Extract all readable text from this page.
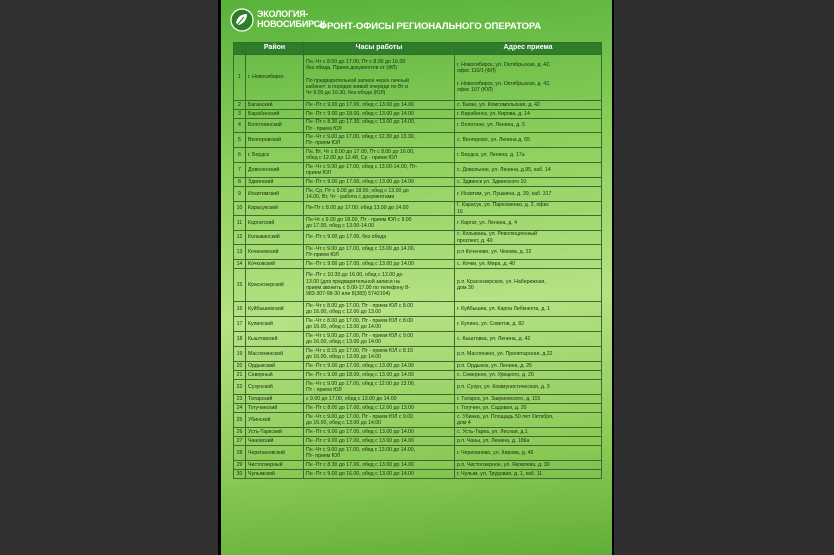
ЭКОЛОГИЯ-
НОВОСИБИРСК
ФРОНТ-ОФИСЫ РЕГИОНАЛЬНОГО ОПЕРАТОРА
	Район	Часы работы	Адрес приема

1	г. Новосибирск	Пн.-Чт с 8.00 до 17.00, Пт с 8.00 до 16.00
без обеда. Прием документов от (ФЛ)

По предварительной записи через личный
кабинет: в порядке живой очереди по Вт и
Чт 9.00 до 16.30, без обеда (ЮЛ)	г. Новосибирск, ул. Октябрьская, д. 42,
офис 110/1 (ФЛ)

г. Новосибирск, ул. Октябрьская, д. 42,
офис 107 (ЮЛ)

2	Баганский	Пн -Пт с 9.00 до 17.00, обед с 13.00 до 14.00	с. Баган, ул. Комсомольская, д. 42

3	Барабинский	Пн -Пт с 9.00 до 18.00, обед с 13.00 до 14.00	г. Барабинск, ул. Кирова, д. 14

4	Болотнинский	Пн -Пт с 8.30 до 17.30, обед с 13.00 до 14.00,
Пт - прием ЮЛ	г. Болотное, ул. Ленина, д. 5

5	Венгеровский	Пн -Чт с 9.00 до 17.00, обед с 12.30 до 13.30,
Пт- прием ЮЛ	с. Венгерово, ул. Ленина д. 65

6	г. Бердск	Пн, Вт, Чт с 8.00 до 17.00, Пт с 8.00 до 16.00,
обед с 12.00 до 12.48, Ср - прием ЮЛ	г. Бердск, ул. Ленина, д. 17а

7	Доволенский	Пн -Чт с 9.00 до 17.00, обед с 13.00-14.00, Пт-
прием ЮЛ	с. Довольное, ул. Ленина, д.95, каб. 14

8	Здвинский	Пн -Пт с 9.00 до 17.00, обед с 13.00 до 14.00	с. Здвинск ул. Здвинского 10

9	Искитимский	Пн, Ср, Пт с 9.00 до 18.00, обед с 13.00 до
14.00, Вт, Чт - работа с документами	г. Искитим, ул. Пушкина, д. 39, каб. 317

10	Карасукский	Пн-Пт с 8.00 до 17.00, обед 13.00 до 14.00	Г. Карасук, ул. Пархоменко, д. 2, офис
16

11	Каргатский	Пн-Чт с 9.00 до 18.00, Пт - прием ЮЛ с 9.00
до 17.00, обед с 13.00-14.00	г. Каргат, ул. Ленина, д. 4

12	Колыванский	Пн -Пт с 9.00 до 17.00, без обеда	с. Колывань, ул. Революционный
проспект, д. 40

13	Коченевский	Пн -Чт с 9.00 до 17.00, обед с 13.00 до 14.00,
Пт-прием ЮЛ	р.п Коченево, ул. Чехова, д. 22

14	Кочковский	Пн -Пт с 9.00 до 17.00, обед с 13.00 до 14.00	с. Кочки, ул. Мира, д. 40

15	Краснозерский	Пн -Пт с 10.30 до 16.00, обед с 12.00 до
13.00 (для предварительной записи на
прием звонить с 9.00-17.00 по телефону 8-
983-307-98-30 или 8(383) 5742104)	р.п. Краснозерское, ул. Набережная,
дом 30

16	Куйбышевский	Пн -Чт с 8.00 до 17.00, Пт - прием ЮЛ с 8.00
до 16.00, обед с 12.00 до 13.00	г. Куйбышев, ул. Карла Либкнехта, д. 1

17	Купинский	Пн -Чт с 8.00 до 17.00, Пт - прием ЮЛ с 8.00
до 16.00, обед с 13.00 до 14.00	г. Купино, ул. Советов, д. 82

18	Кыштовский	Пн -Чт с 9.00 до 17.00, Пт - прием ЮЛ с 9.00
до 16.00, обед с 13.00 до 14.00	с. Кыштовка, ул. Ленина, д. 42

19	Маслянинский	Пн -Чт с 8.15 до 17.00, Пт - прием ЮЛ с 8.15
до 16.00, обед с 13.00 до 14.00	р.п. Маслянино, ул. Пролетарская, д.22

20	Ордынский	Пн -Пт с 9.00 до 17.00, обед с 13.00 до 14.00	р.п. Ордынск, ул. Ленина, д. 26

21	Северный	Пн -Пт с 9.00 до 18.00, обед с 13.00 до 14.00	с. Северное, ул. Урицкого, д. 20

22	Сузунский	Пн -Чт с 9.00 до 17.00, обед с 12.00 до 13.00,
Пт - прием ЮЛ	р.п. Сузун, ул. Коммунистическая, д. 3

23	Татарский	с 9.00 до 17.00, обед с 13.00 до 14.00	г. Татарск, ул. Закриевского, д. 115

24	Тогучинский	Пн -Пт с 8.00 до 17.00, обед с 12.00 до 13.00	г. Тогучин, ул. Садовая, д. 20

25	Убинский	Пн -Чт с 9.00 до 17.00, Пт - прием ЮЛ с 9.00
до 16.00, обед с 13.00 до 14.00	с. Убинка, ул. Площадь 50 лет Октября,
дом 4

26	Усть-Таркский	Пн -Пт с 9.00 до 17.00, обед с 13.00 до 14.00	с. Усть-Тарка, ул. Лесная, д.1

27	Чановский	Пн -Пт с 9.00 до 17.00, обед с 13.00 до 14.00	р.п. Чаны, ул. Ленина, д. 186а

28	Черепановский	Пн -Чт с 9.00 до 17.00, обед с 13.00 до 14.00,
Пт- прием ЮЛ	г. Черепаново, ул. Кирова, д. 46

29	Чистоозерный	Пн -Пт с 8.30 до 17.00, обед с 13.00 до 14.00	р.п. Чистоозерное, ул. Яковлева, д. 30

30	Чулымский	Пн -Пт с 9.00 до 16.00, обед с 13.00 до 14.00	г. Чулым, ул. Трудовая, д. 1, каб. 11
